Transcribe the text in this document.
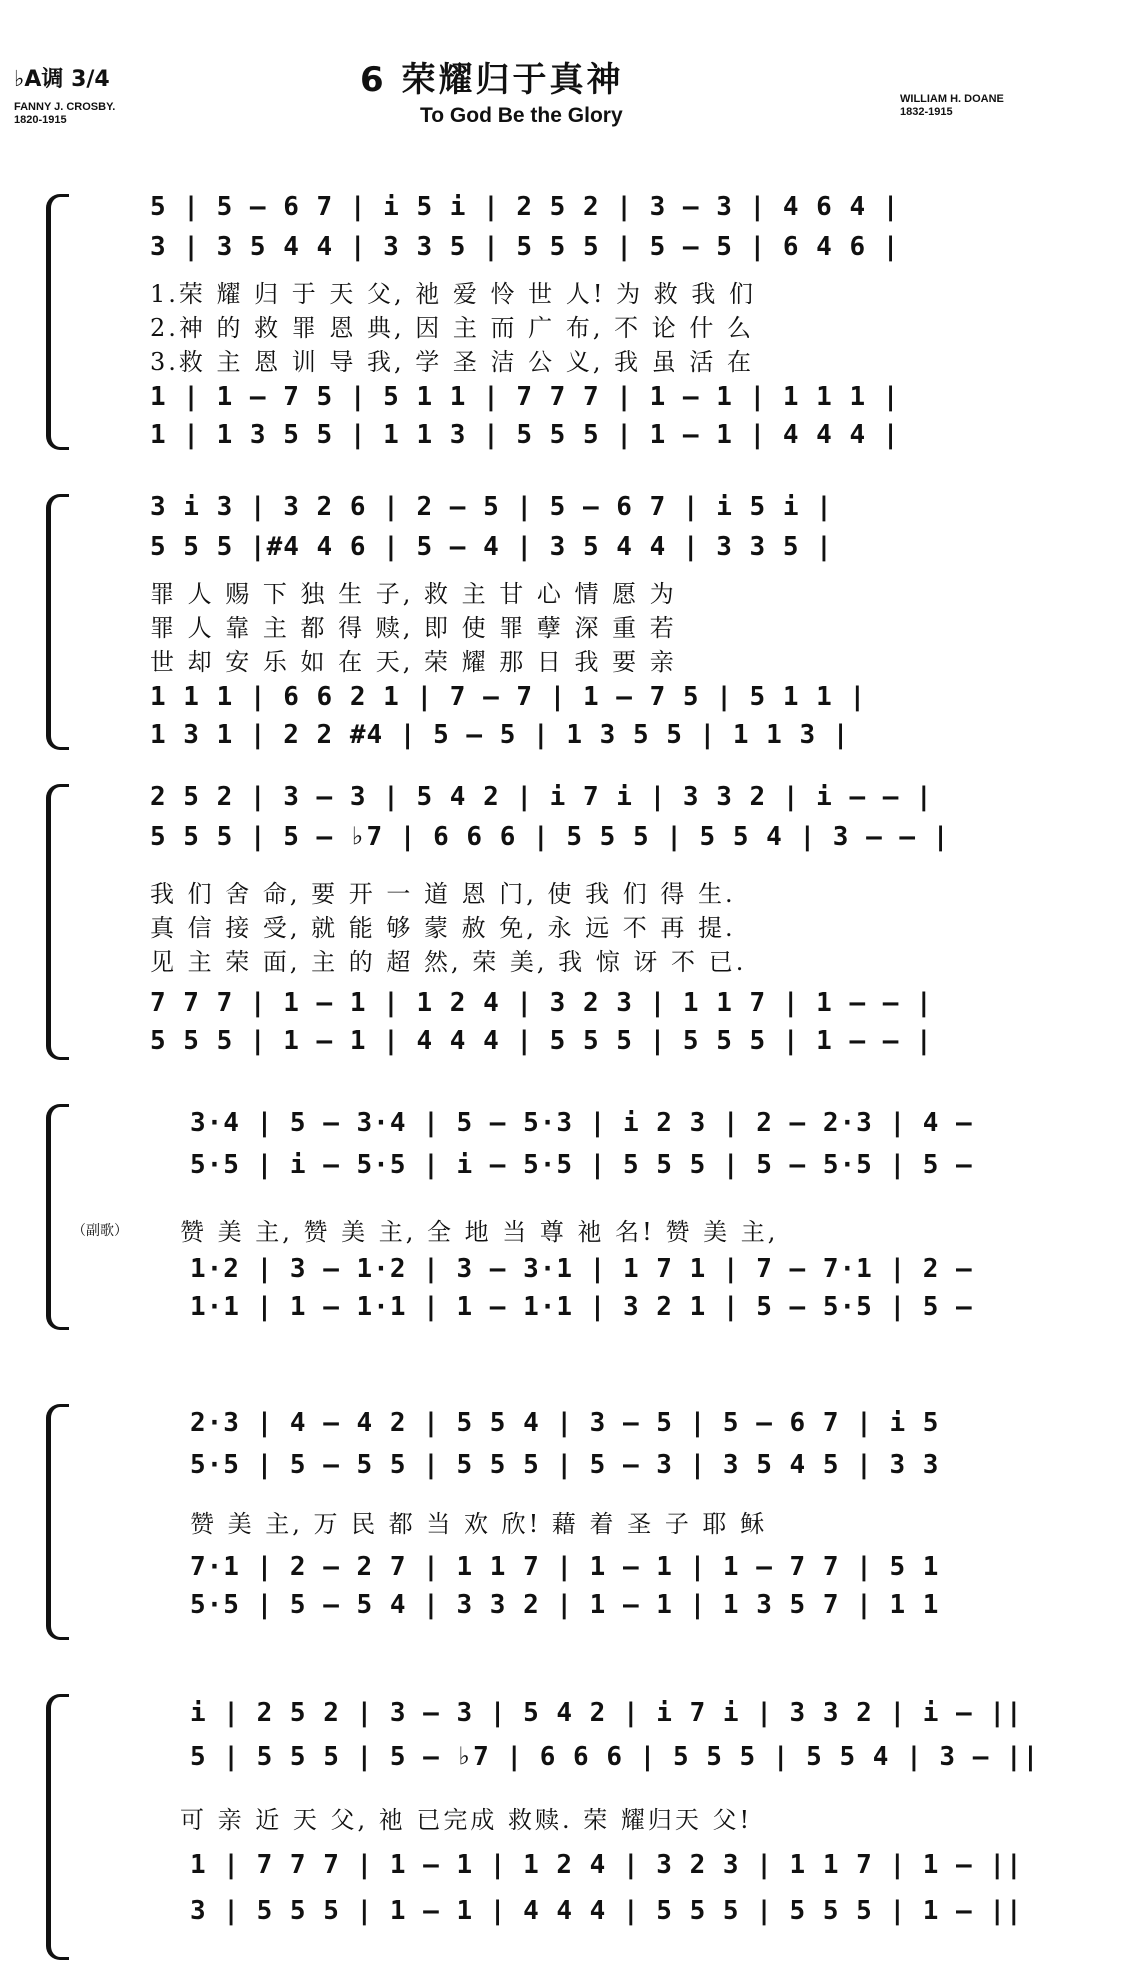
♭A调 3/4
FANNY J. CROSBY.
1820-1915
6 荣耀归于真神
To God Be the Glory
WILLIAM H. DOANE
1832-1915
5 | 5 — 6 7 | i 5 i | 2 5 2 | 3 — 3 | 4 6 4 |
3 | 3 5 4 4 | 3 3 5 | 5 5 5 | 5 — 5 | 6 4 6 |
1.荣 耀 归 于 天 父, 祂 爱 怜 世 人! 为 救 我 们
2.神 的 救 罪 恩 典, 因 主 而 广 布, 不 论 什 么
3.救 主 恩 训 导 我, 学 圣 洁 公 义, 我 虽 活 在
1 | 1 — 7 5 | 5 1 1 | 7 7 7 | 1 — 1 | 1 1 1 |
1 | 1 3 5 5 | 1 1 3 | 5 5 5 | 1 — 1 | 4 4 4 |
3 i 3 | 3 2 6 | 2 — 5 | 5 — 6 7 | i 5 i |
5 5 5 |#4 4 6 | 5 — 4 | 3 5 4 4 | 3 3 5 |
罪 人 赐 下 独 生 子, 救 主 甘 心 情 愿 为
罪 人 靠 主 都 得 赎, 即 使 罪 孽 深 重 若
世 却 安 乐 如 在 天, 荣 耀 那 日 我 要 亲
1 1 1 | 6 6 2 1 | 7 — 7 | 1 — 7 5 | 5 1 1 |
1 3 1 | 2 2 #4 | 5 — 5 | 1 3 5 5 | 1 1 3 |
2 5 2 | 3 — 3 | 5 4 2 | i 7 i | 3 3 2 | i — — |
5 5 5 | 5 — ♭7 | 6 6 6 | 5 5 5 | 5 5 4 | 3 — — |
我 们 舍 命, 要 开 一 道 恩 门, 使 我 们 得 生.
真 信 接 受, 就 能 够 蒙 赦 免, 永 远 不 再 提.
见 主 荣 面, 主 的 超 然, 荣 美, 我 惊 讶 不 已.
7 7 7 | 1 — 1 | 1 2 4 | 3 2 3 | 1 1 7 | 1 — — |
5 5 5 | 1 — 1 | 4 4 4 | 5 5 5 | 5 5 5 | 1 — — |
（副歌）
3·4 | 5 — 3·4 | 5 — 5·3 | i 2 3 | 2 — 2·3 | 4 —
5·5 | i — 5·5 | i — 5·5 | 5 5 5 | 5 — 5·5 | 5 —
赞 美 主, 赞 美 主, 全 地 当 尊 祂 名! 赞 美 主,
1·2 | 3 — 1·2 | 3 — 3·1 | 1 7 1 | 7 — 7·1 | 2 —
1·1 | 1 — 1·1 | 1 — 1·1 | 3 2 1 | 5 — 5·5 | 5 —
2·3 | 4 — 4 2 | 5 5 4 | 3 — 5 | 5 — 6 7 | i 5
5·5 | 5 — 5 5 | 5 5 5 | 5 — 3 | 3 5 4 5 | 3 3
赞 美 主, 万 民 都 当 欢 欣! 藉 着 圣 子 耶 稣
7·1 | 2 — 2 7 | 1 1 7 | 1 — 1 | 1 — 7 7 | 5 1
5·5 | 5 — 5 4 | 3 3 2 | 1 — 1 | 1 3 5 7 | 1 1
i | 2 5 2 | 3 — 3 | 5 4 2 | i 7 i | 3 3 2 | i — ||
5 | 5 5 5 | 5 — ♭7 | 6 6 6 | 5 5 5 | 5 5 4 | 3 — ||
可 亲 近 天 父, 祂 已完成 救赎. 荣 耀归天 父!
1 | 7 7 7 | 1 — 1 | 1 2 4 | 3 2 3 | 1 1 7 | 1 — ||
3 | 5 5 5 | 1 — 1 | 4 4 4 | 5 5 5 | 5 5 5 | 1 — ||
